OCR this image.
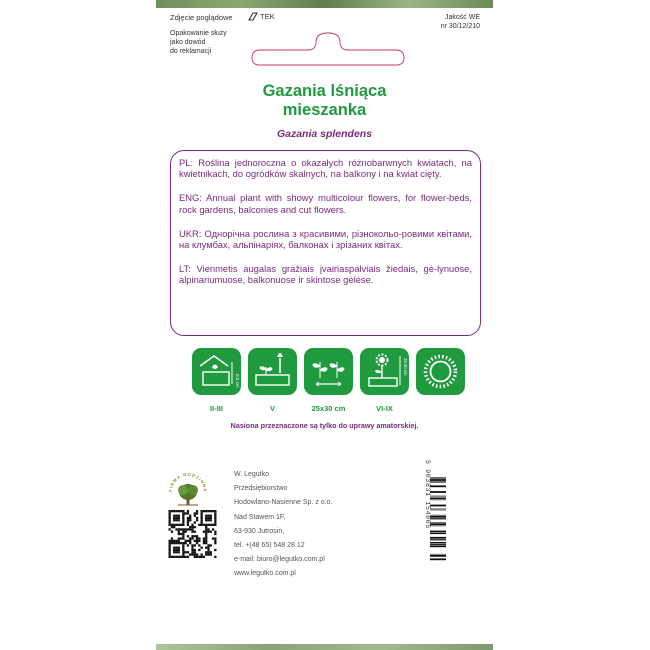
Zdjęcie poglądowe	TEK	Jakość WE
nr 30/12/210
Opakowanie służy
jako dowód
do reklamacji
Gazania lśniąca
mieszanka
Gazania splendens

PL: Roślina jednoroczna o okazałych różnobarwnych kwiatach, na kwietnikach, do ogródków skalnych, na balkony i na kwiat cięty.

ENG: Annual plant with showy multicolour flowers, for flower-beds, rock gardens, balconies and cut flowers.

UKR: Однорічна рослина з красивими, різнокольо-ровими квітами, на клумбах, альпінаріях, балконах і зрізаних квітах.

LT: Vienmetis augalas gražiais įvairiaspalviais žiedais, gė-lynuose, alpinariumuose, balkonuose ir skintose gėlėse.

0,5 cm
25-30 cm
II-III	V	25x30 cm	VI-IX
Nasiona przeznaczone są tylko do uprawy amatorskiej.
FIRMA RODZINNA
W. Legutko
Przedsiębiorstwo
Hodowlano-Nasienne Sp. z o.o.
Nad Stawem 1F,
63-930 Jutrosin,
tel. +(48 65) 548 28 12
e-mail: biuro@legutko.com.pl
www.legutko.com.pl
5 903831 154005
